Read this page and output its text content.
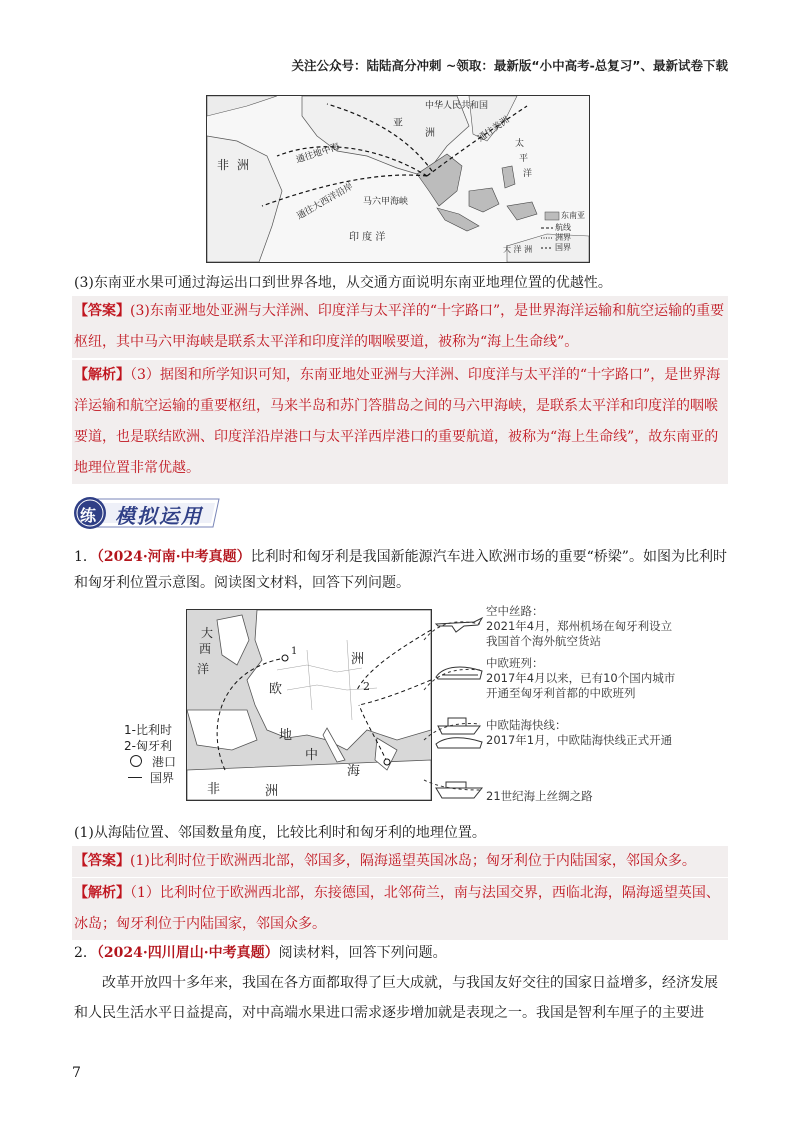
关注公众号：陆陆高分冲刺 ~领取：最新版“小中高考-总复习”、最新试卷下载
中华人民共和国
亚
洲
非 洲
太
平
洋
通往地中海
通往美洲
通往大西洋沿岸 马六甲海峡
印 度 洋
大 洋 洲
东南亚
航线
洲界
国界
(3)东南亚水果可通过海运出口到世界各地，从交通方面说明东南亚地理位置的优越性。

【答案】(3)东南亚地处亚洲与大洋洲、印度洋与太平洋的“十字路口”，是世界海洋运输和航空运输的重要枢纽，其中马六甲海峡是联系太平洋和印度洋的咽喉要道，被称为“海上生命线”。

【解析】（3）据图和所学知识可知，东南亚地处亚洲与大洋洲、印度洋与太平洋的“十字路口”，是世界海洋运输和航空运输的重要枢纽，马来半岛和苏门答腊岛之间的马六甲海峡，是联系太平洋和印度洋的咽喉要道，也是联结欧洲、印度洋沿岸港口与太平洋西岸港口的重要航道，被称为“海上生命线”，故东南亚的地理位置非常优越。

练 模拟运用
1．（2024·河南·中考真题）比利时和匈牙利是我国新能源汽车进入欧洲市场的重要“桥梁”。如图为比利时和匈牙利位置示意图。阅读图文材料，回答下列问题。
大
西
洋
欧
洲
地
中
海
非	洲
1
2
1-比利时
2-匈牙利
港口
国界
空中丝路：
2021年4月，郑州机场在匈牙利设立
我国首个海外航空货站
中欧班列：
2017年4月以来，已有10个国内城市
开通至匈牙利首都的中欧班列
中欧陆海快线：
2017年1月，中欧陆海快线正式开通
21世纪海上丝绸之路
(1)从海陆位置、邻国数量角度，比较比利时和匈牙利的地理位置。

【答案】(1)比利时位于欧洲西北部，邻国多，隔海遥望英国冰岛；匈牙利位于内陆国家，邻国众多。

【解析】（1）比利时位于欧洲西北部，东接德国，北邻荷兰，南与法国交界，西临北海，隔海遥望英国、冰岛；匈牙利位于内陆国家，邻国众多。

2．（2024·四川眉山·中考真题）阅读材料，回答下列问题。
改革开放四十多年来，我国在各方面都取得了巨大成就，与我国友好交往的国家日益增多，经济发展和人民生活水平日益提高，对中高端水果进口需求逐步增加就是表现之一。我国是智利车厘子的主要进
7
